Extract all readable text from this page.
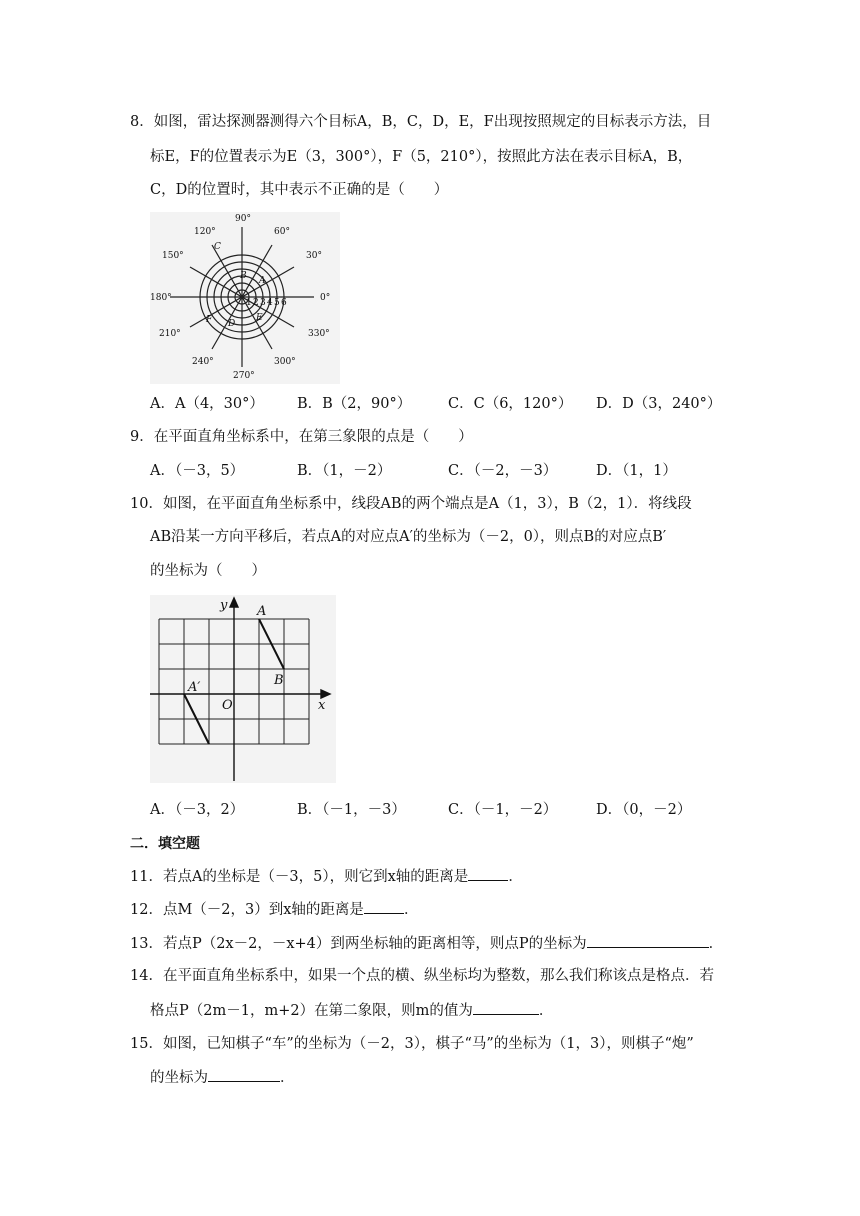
8．如图，雷达探测器测得六个目标A，B，C，D，E，F出现按照规定的目标表示方法，目
标E，F的位置表示为E（3，300°），F（5，210°），按照此方法在表示目标A，B，
C，D的位置时，其中表示不正确的是（　　）
90°
60°
120°
30°
150°
0°
180°
330°
210°
300°
240°
270°
1 2 3 4 5 6
A
B
C
D
E
F
A．A（4，30°） B．B（2，90°）	C．C（6，120°） D．D（3，240°）
9．在平面直角坐标系中，在第三象限的点是（　　）
A．（－3，5）	B．（1，－2）	C．（－2，－3）	D．（1，1）
10．如图，在平面直角坐标系中，线段AB的两个端点是A（1，3），B（2，1）．将线段
AB沿某一方向平移后，若点A的对应点A′的坐标为（－2，0），则点B的对应点B′
的坐标为（　　）
x
y
O
A
B
A′
A．（－3，2）	B．（－1，－3）	C．（－1，－2）	D．（0，－2）
二．填空题
11．若点A的坐标是（－3，5），则它到x轴的距离是	．
12．点M（－2，3）到x轴的距离是	．
13．若点P（2x－2，－x+4）到两坐标轴的距离相等，则点P的坐标为	．
14．在平面直角坐标系中，如果一个点的横、纵坐标均为整数，那么我们称该点是格点．若
格点P（2m－1，m+2）在第二象限，则m的值为	．
15．如图，已知棋子“车”的坐标为（－2，3），棋子“马”的坐标为（1，3），则棋子“炮”
的坐标为	．
